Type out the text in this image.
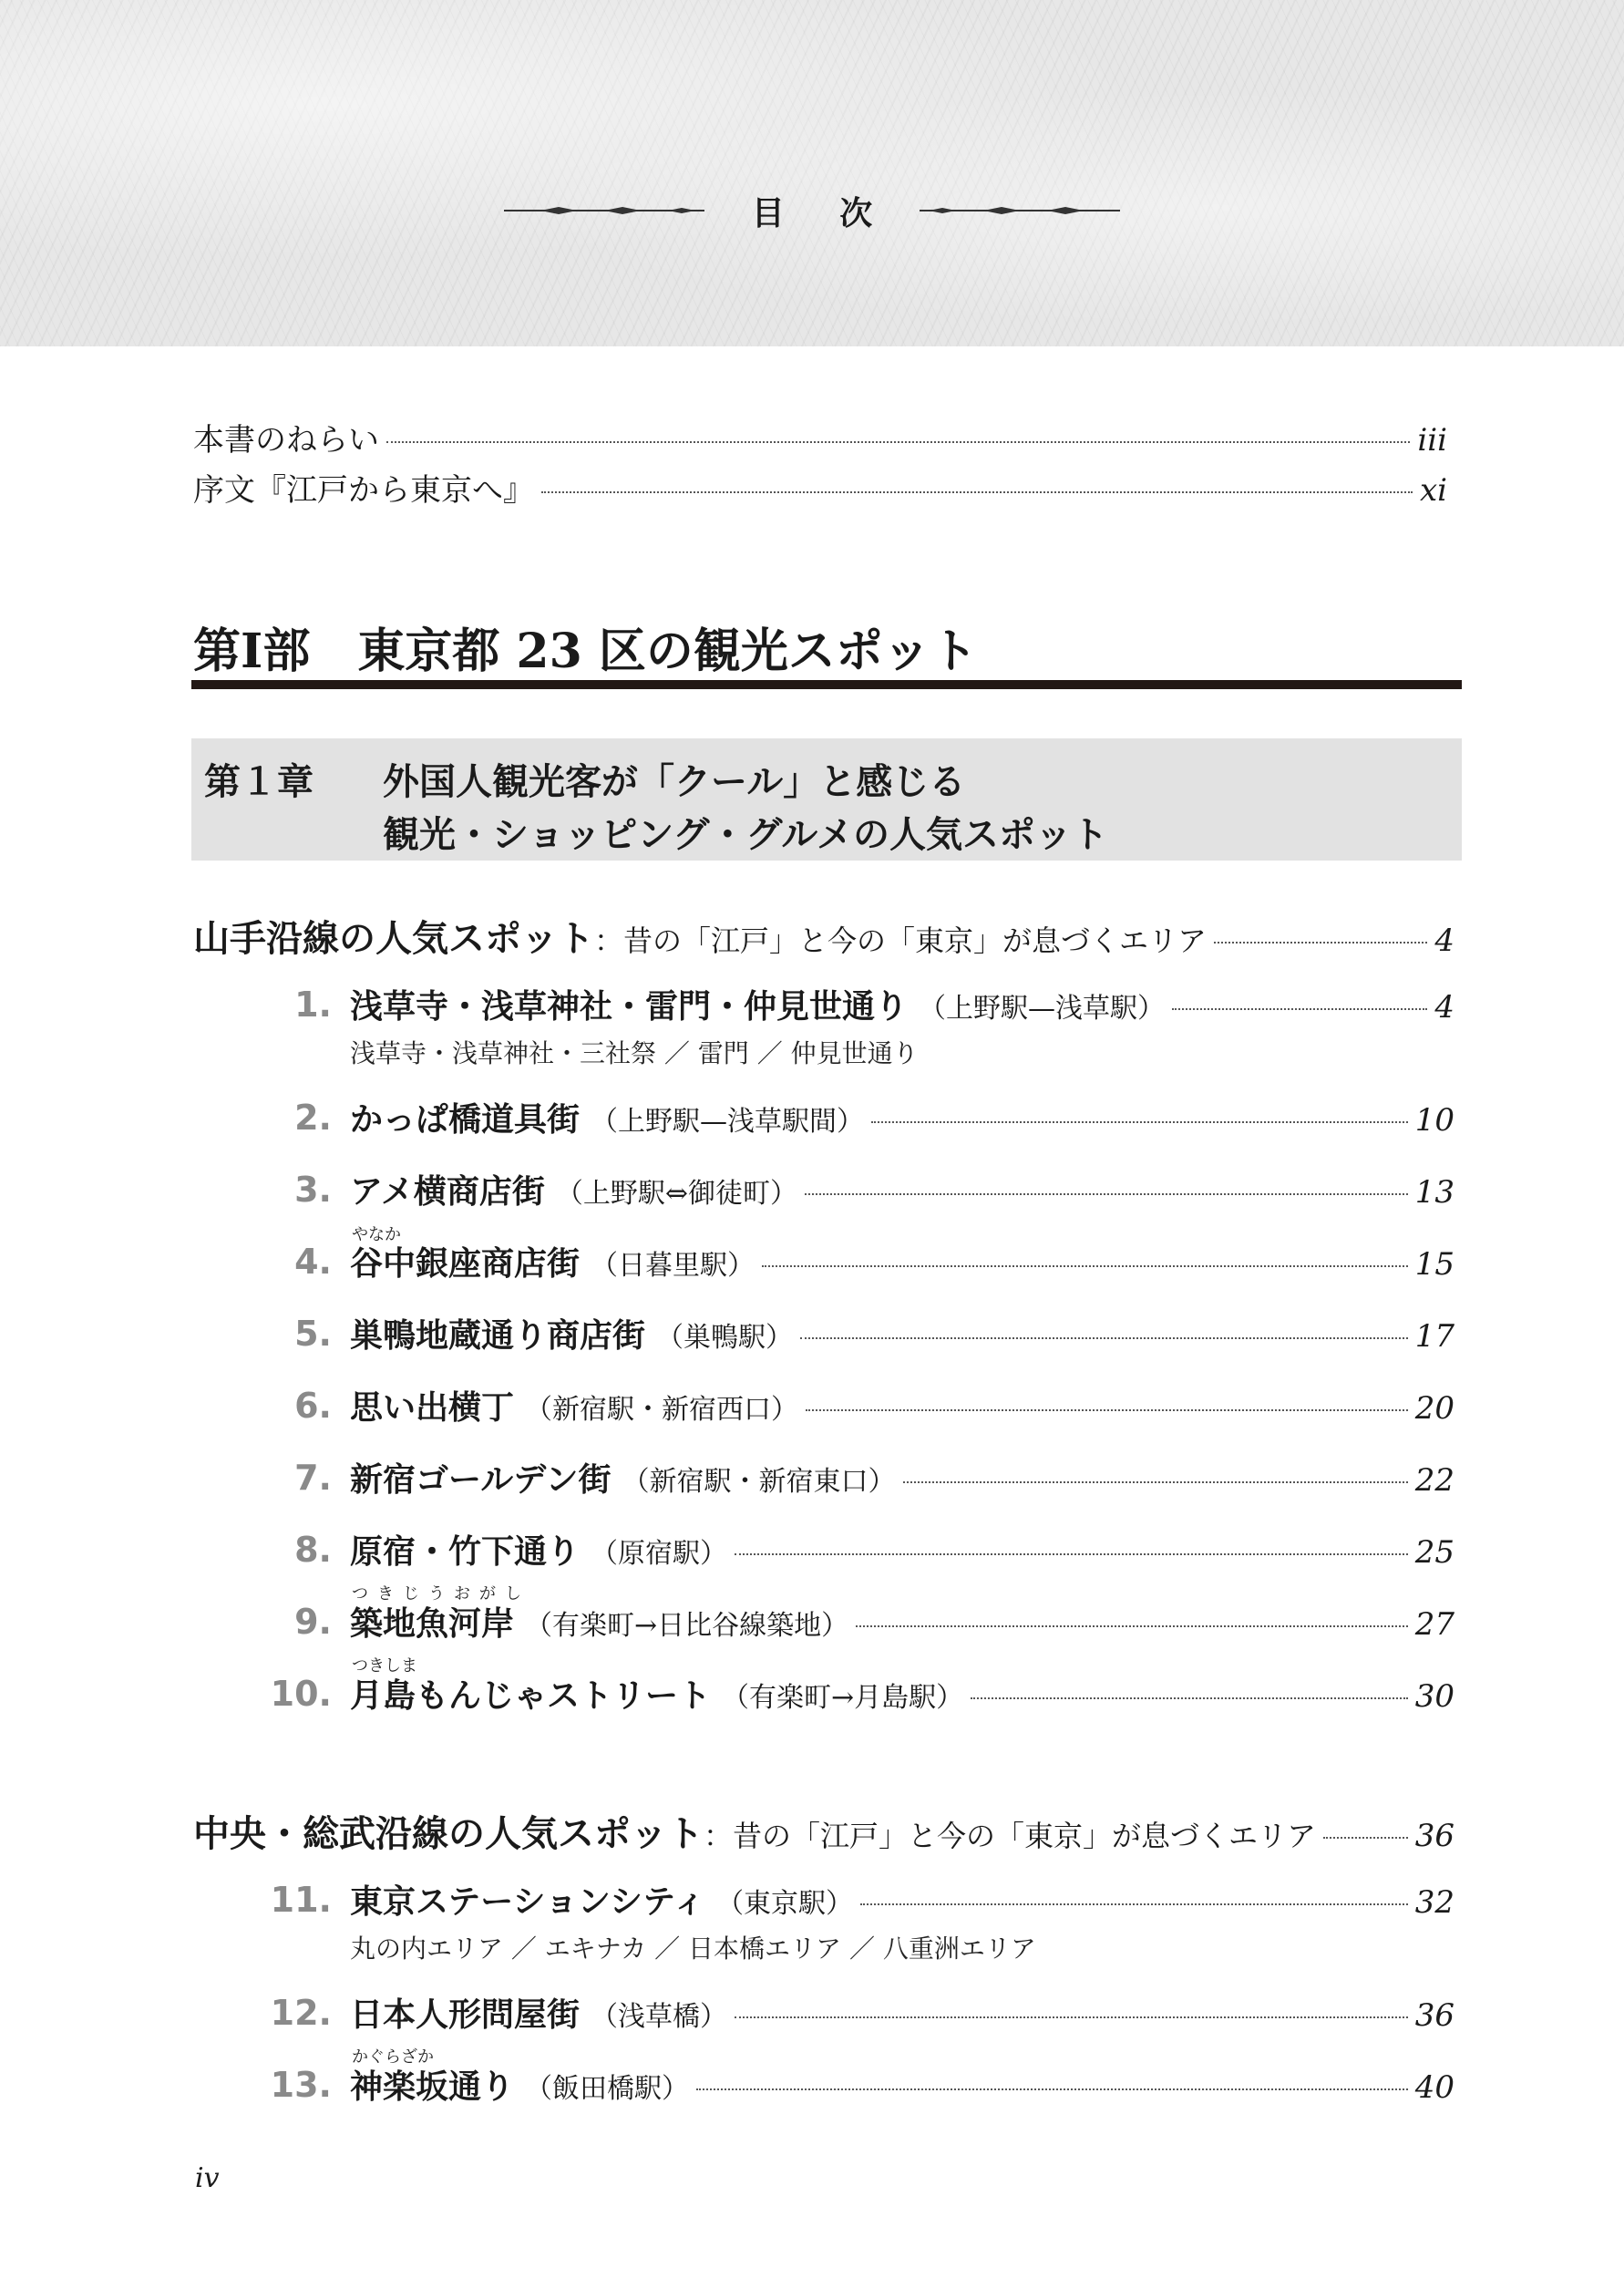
目 次
本書のねらい	iii
序文『江戸から東京へ』	xi
第Ⅰ部　東京都 23 区の観光スポット
第１章 外国人観光客が「クール」と感じる
観光・ショッピング・グルメの人気スポット
山手沿線の人気スポット ：昔の「江戸」と今の「東京」が息づくエリア	4
1. 浅草寺・浅草神社・雷門・仲見世通り （上野駅—浅草駅）	4
浅草寺・浅草神社・三社祭 ／ 雷門 ／ 仲見世通り
2. かっぱ橋道具街 （上野駅—浅草駅間）	10
3. アメ横商店街 （上野駅⇔御徒町）	13
やなか
4. 谷中銀座商店街 （日暮里駅）	15
5. 巣鴨地蔵通り商店街 （巣鴨駅）	17
6. 思い出横丁 （新宿駅・新宿西口）	20
7. 新宿ゴールデン街 （新宿駅・新宿東口）	22
8. 原宿・竹下通り （原宿駅）	25
つきじうおがし
9. 築地魚河岸 （有楽町→日比谷線築地）	27
つきしま
10. 月島もんじゃストリート （有楽町→月島駅）	30
中央・総武沿線の人気スポット ：昔の「江戸」と今の「東京」が息づくエリア	36
11. 東京ステーションシティ （東京駅）	32
丸の内エリア ／ エキナカ ／ 日本橋エリア ／ 八重洲エリア
12. 日本人形問屋街 （浅草橋）	36
かぐらざか
13. 神楽坂通り （飯田橋駅）	40
iv
